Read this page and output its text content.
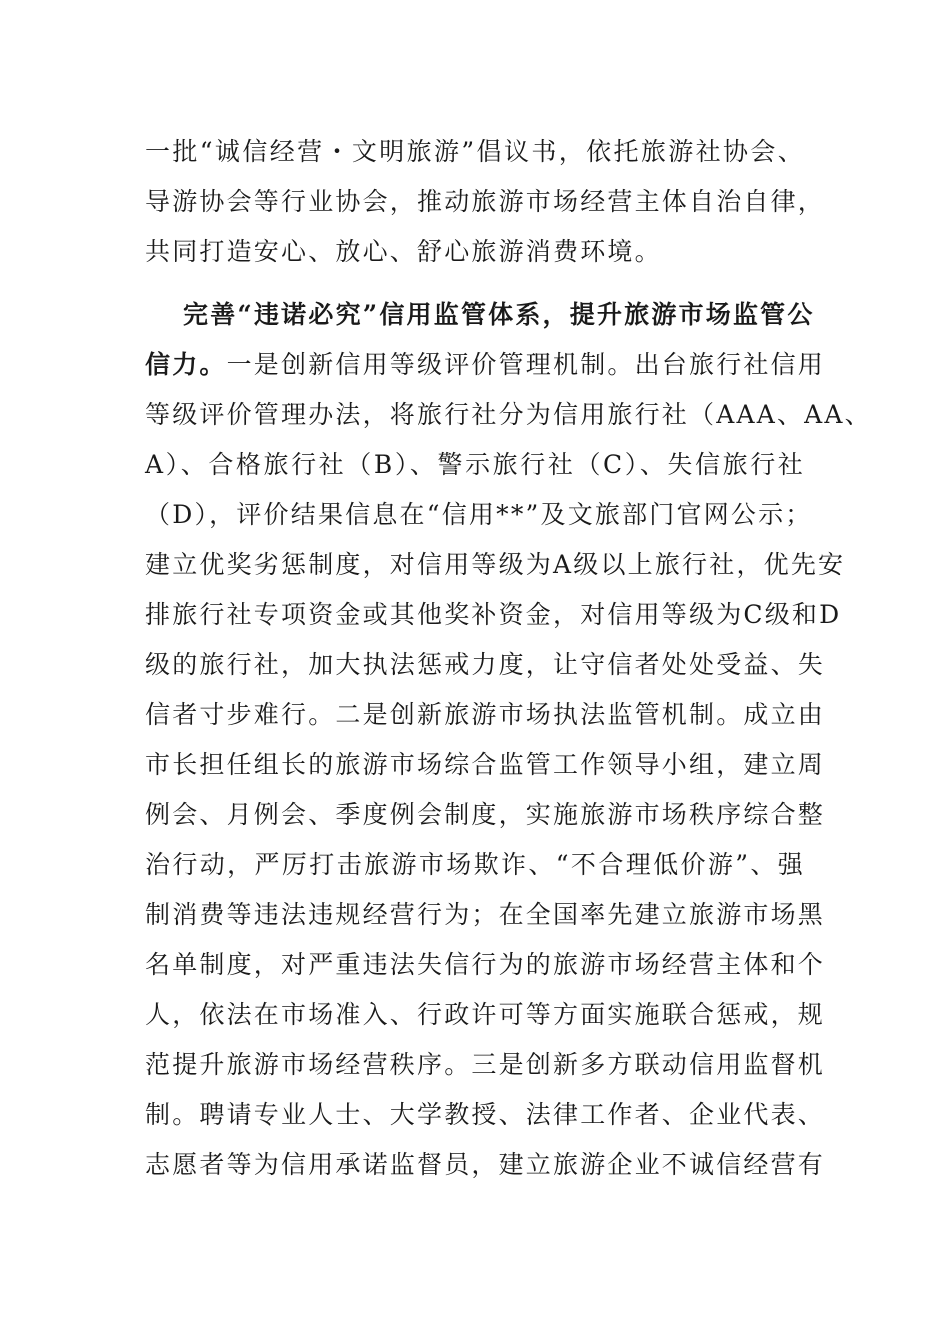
一批“诚信经营・文明旅游”倡议书，依托旅游社协会、
导游协会等行业协会，推动旅游市场经营主体自治自律，
共同打造安心、放心、舒心旅游消费环境。
完善“违诺必究”信用监管体系，提升旅游市场监管公
信力。一是创新信用等级评价管理机制。出台旅行社信用
等级评价管理办法，将旅行社分为信用旅行社（AAA、AA、
A）、合格旅行社（B）、警示旅行社（C）、失信旅行社
（D），评价结果信息在“信用**”及文旅部门官网公示；
建立优奖劣惩制度，对信用等级为A级以上旅行社，优先安
排旅行社专项资金或其他奖补资金，对信用等级为C级和D
级的旅行社，加大执法惩戒力度，让守信者处处受益、失
信者寸步难行。二是创新旅游市场执法监管机制。成立由
市长担任组长的旅游市场综合监管工作领导小组，建立周
例会、月例会、季度例会制度，实施旅游市场秩序综合整
治行动，严厉打击旅游市场欺诈、“不合理低价游”、强
制消费等违法违规经营行为；在全国率先建立旅游市场黑
名单制度，对严重违法失信行为的旅游市场经营主体和个
人，依法在市场准入、行政许可等方面实施联合惩戒，规
范提升旅游市场经营秩序。三是创新多方联动信用监督机
制。聘请专业人士、大学教授、法律工作者、企业代表、
志愿者等为信用承诺监督员，建立旅游企业不诚信经营有
